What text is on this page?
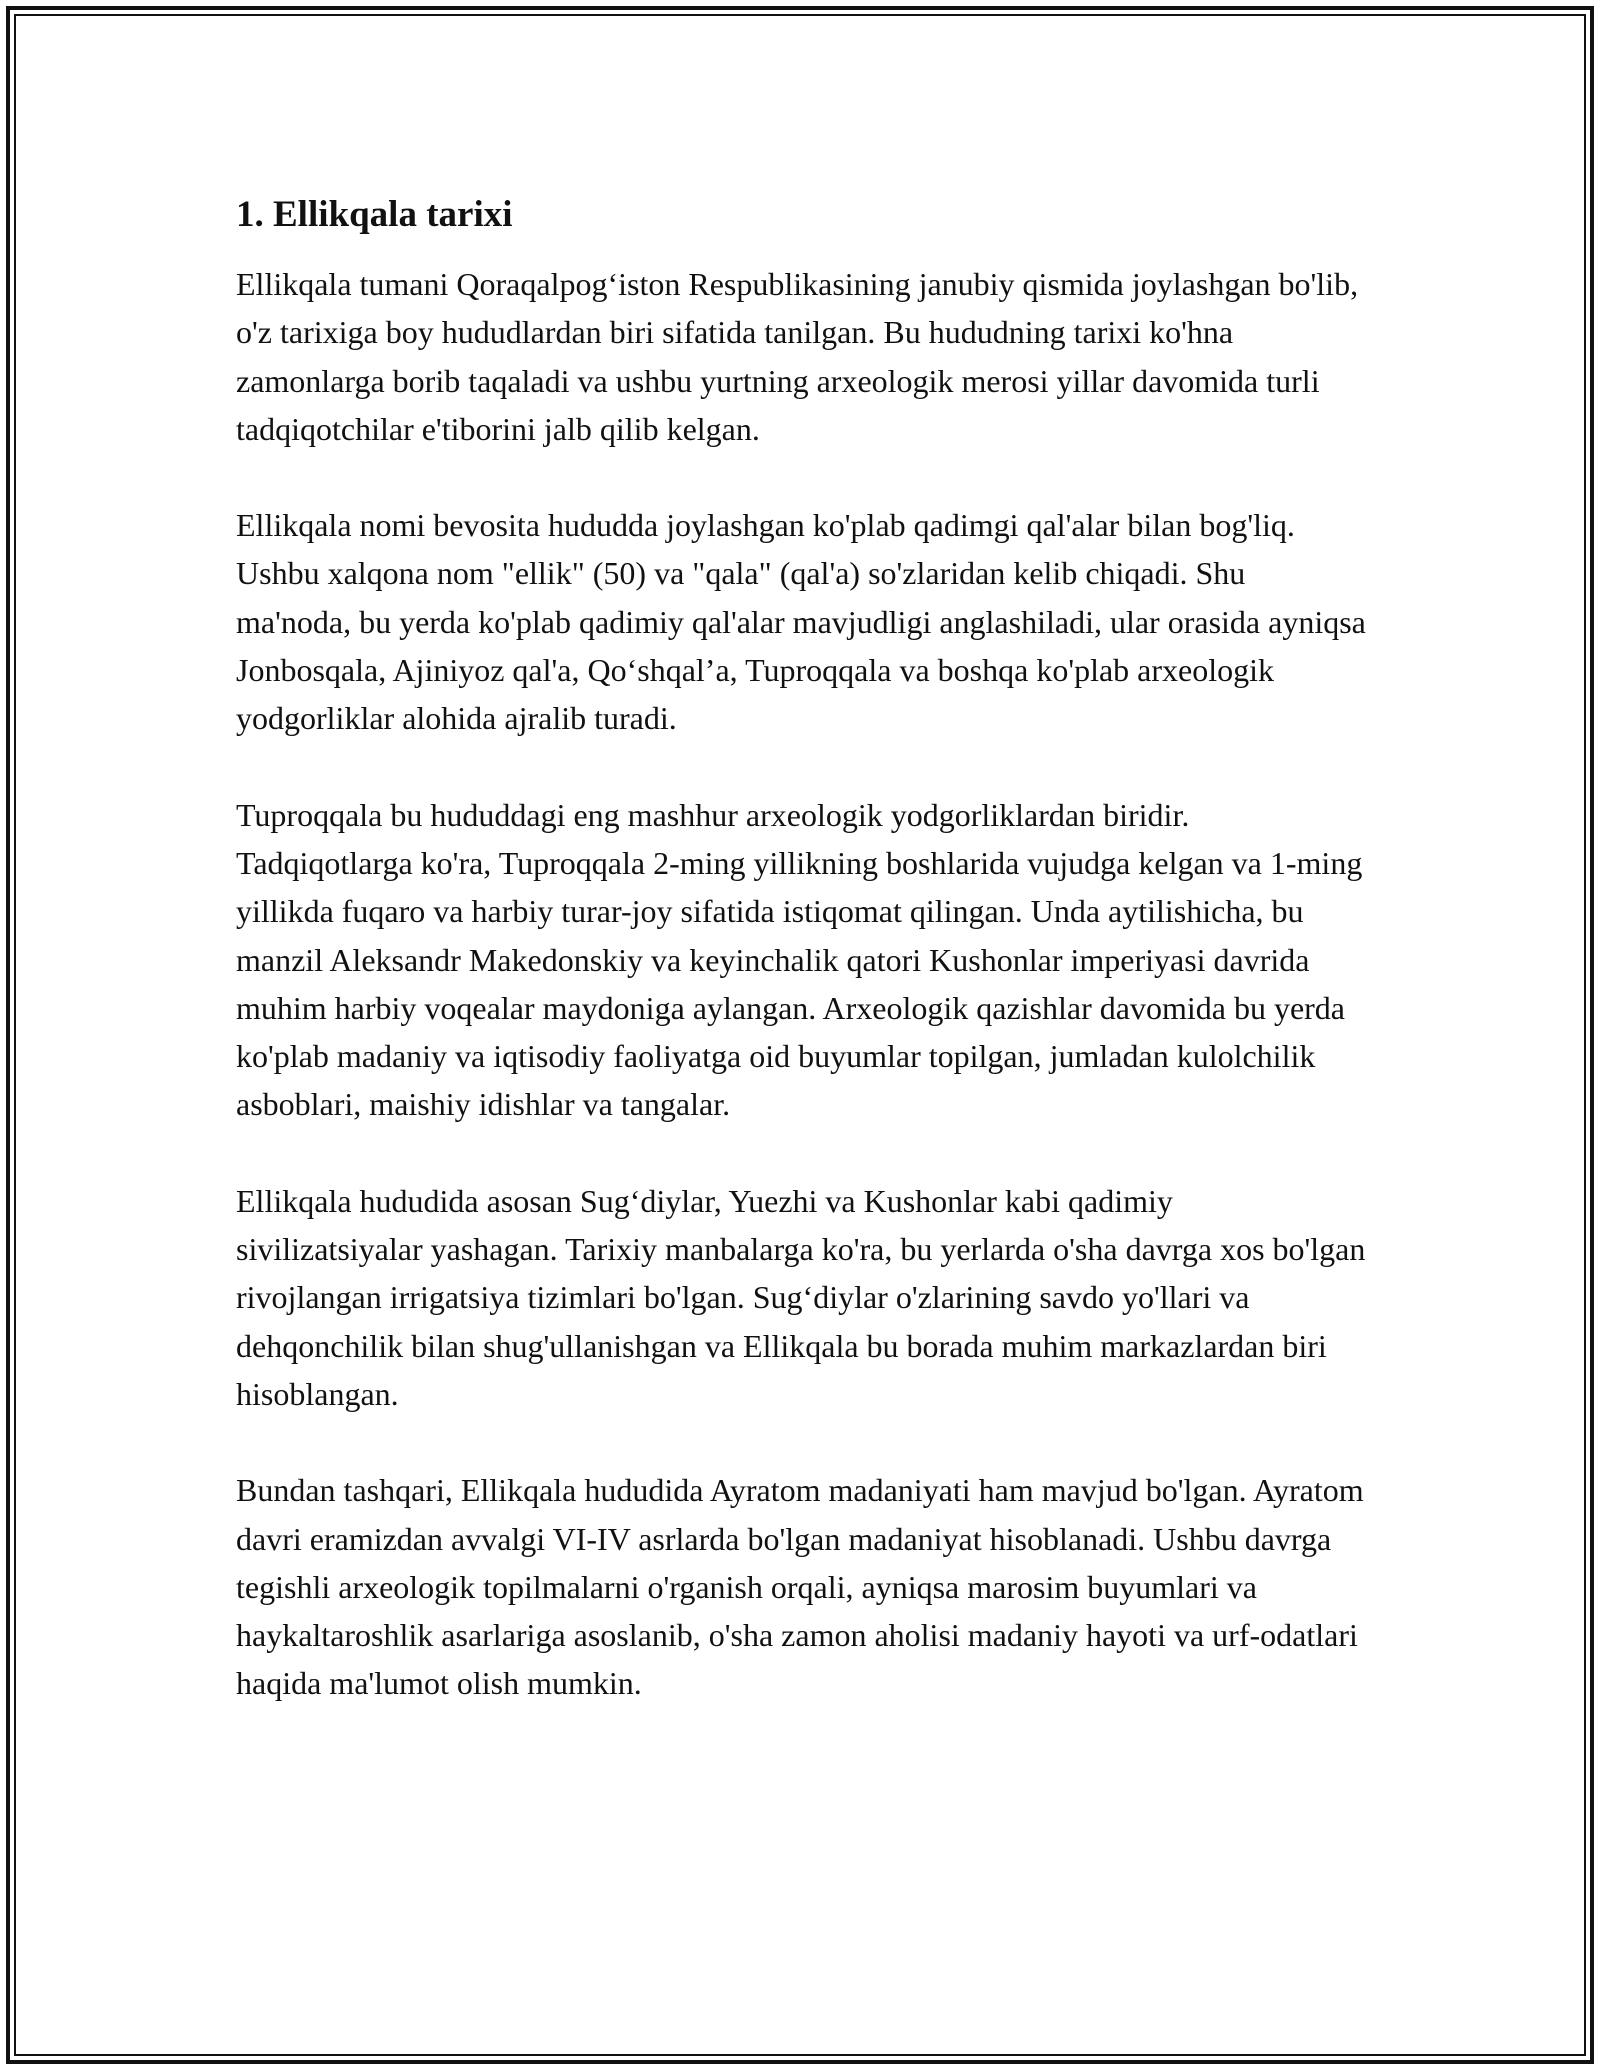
1. Ellikqala tarixi

Ellikqala tumani Qoraqalpog‘iston Respublikasining janubiy qismida joylashgan bo'lib, o'z tarixiga boy hududlardan biri sifatida tanilgan. Bu hududning tarixi ko'hna zamonlarga borib taqaladi va ushbu yurtning arxeologik merosi yillar davomida turli tadqiqotchilar e'tiborini jalb qilib kelgan.

Ellikqala nomi bevosita hududda joylashgan ko'plab qadimgi qal'alar bilan bog'liq. Ushbu xalqona nom "ellik" (50) va "qala" (qal'a) so'zlaridan kelib chiqadi. Shu ma'noda, bu yerda ko'plab qadimiy qal'alar mavjudligi anglashiladi, ular orasida ayniqsa Jonbosqala, Ajiniyoz qal'a, Qo‘shqal’a, Tuproqqala va boshqa ko'plab arxeologik yodgorliklar alohida ajralib turadi.

Tuproqqala bu hududdagi eng mashhur arxeologik yodgorliklardan biridir. Tadqiqotlarga ko'ra, Tuproqqala 2-ming yillikning boshlarida vujudga kelgan va 1-ming yillikda fuqaro va harbiy turar-joy sifatida istiqomat qilingan. Unda aytilishicha, bu manzil Aleksandr Makedonskiy va keyinchalik qatori Kushonlar imperiyasi davrida muhim harbiy voqealar maydoniga aylangan. Arxeologik qazishlar davomida bu yerda ko'plab madaniy va iqtisodiy faoliyatga oid buyumlar topilgan, jumladan kulolchilik asboblari, maishiy idishlar va tangalar.

Ellikqala hududida asosan Sug‘diylar, Yuezhi va Kushonlar kabi qadimiy sivilizatsiyalar yashagan. Tarixiy manbalarga ko'ra, bu yerlarda o'sha davrga xos bo'lgan rivojlangan irrigatsiya tizimlari bo'lgan. Sug‘diylar o'zlarining savdo yo'llari va dehqonchilik bilan shug'ullanishgan va Ellikqala bu borada muhim markazlardan biri hisoblangan.

Bundan tashqari, Ellikqala hududida Ayratom madaniyati ham mavjud bo'lgan. Ayratom davri eramizdan avvalgi VI-IV asrlarda bo'lgan madaniyat hisoblanadi. Ushbu davrga tegishli arxeologik topilmalarni o'rganish orqali, ayniqsa marosim buyumlari va haykaltaroshlik asarlariga asoslanib, o'sha zamon aholisi madaniy hayoti va urf-odatlari haqida ma'lumot olish mumkin.
